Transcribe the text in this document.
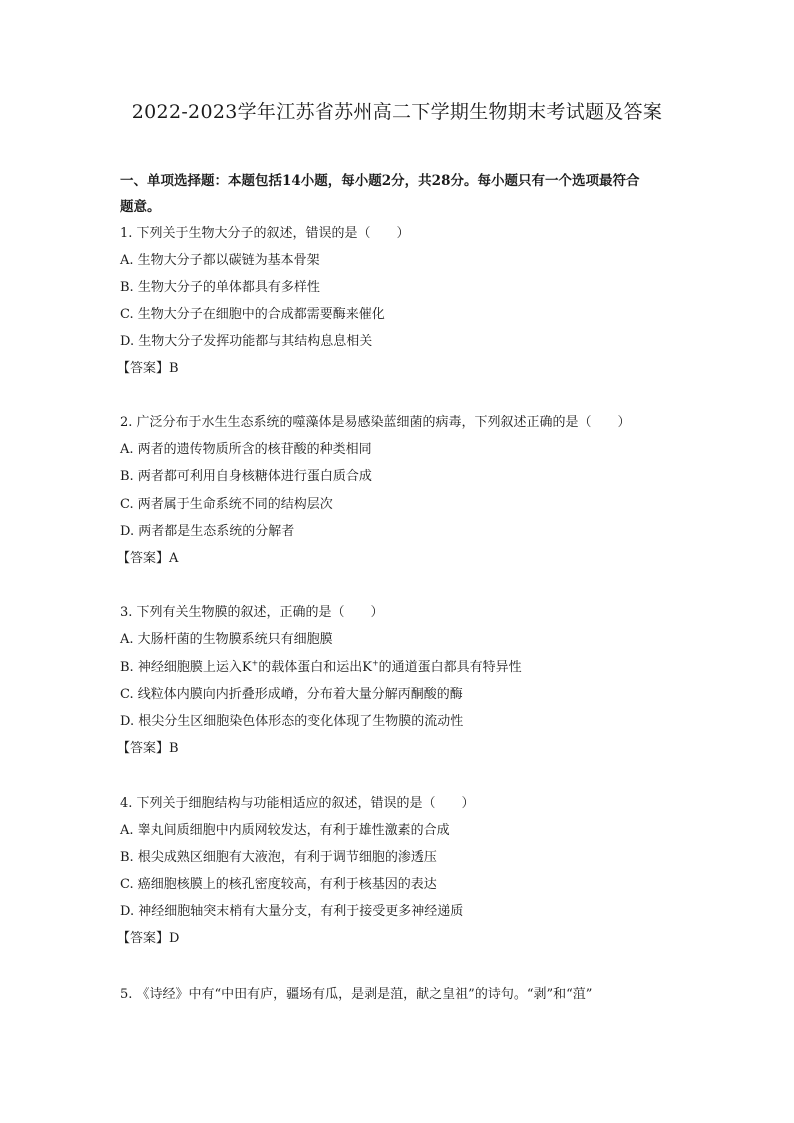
2022-2023学年江苏省苏州高二下学期生物期末考试题及答案
一、单项选择题：本题包括14小题，每小题2分，共28分。每小题只有一个选项最符合
题意。
1. 下列关于生物大分子的叙述，错误的是（　　）
A. 生物大分子都以碳链为基本骨架
B. 生物大分子的单体都具有多样性
C. 生物大分子在细胞中的合成都需要酶来催化
D. 生物大分子发挥功能都与其结构息息相关
【答案】B
2. 广泛分布于水生生态系统的噬藻体是易感染蓝细菌的病毒，下列叙述正确的是（　　）
A. 两者的遗传物质所含的核苷酸的种类相同
B. 两者都可利用自身核糖体进行蛋白质合成
C. 两者属于生命系统不同的结构层次
D. 两者都是生态系统的分解者
【答案】A
3. 下列有关生物膜的叙述，正确的是（　　）
A. 大肠杆菌的生物膜系统只有细胞膜
B. 神经细胞膜上运入K+的载体蛋白和运出K+的通道蛋白都具有特异性
C. 线粒体内膜向内折叠形成嵴，分布着大量分解丙酮酸的酶
D. 根尖分生区细胞染色体形态的变化体现了生物膜的流动性
【答案】B
4. 下列关于细胞结构与功能相适应的叙述，错误的是（　　）
A. 睾丸间质细胞中内质网较发达，有利于雄性激素的合成
B. 根尖成熟区细胞有大液泡，有利于调节细胞的渗透压
C. 癌细胞核膜上的核孔密度较高，有利于核基因的表达
D. 神经细胞轴突末梢有大量分支，有利于接受更多神经递质
【答案】D
5. 《诗经》中有“中田有庐，疆场有瓜，是剥是菹，献之皇祖”的诗句。“剥”和“菹”
